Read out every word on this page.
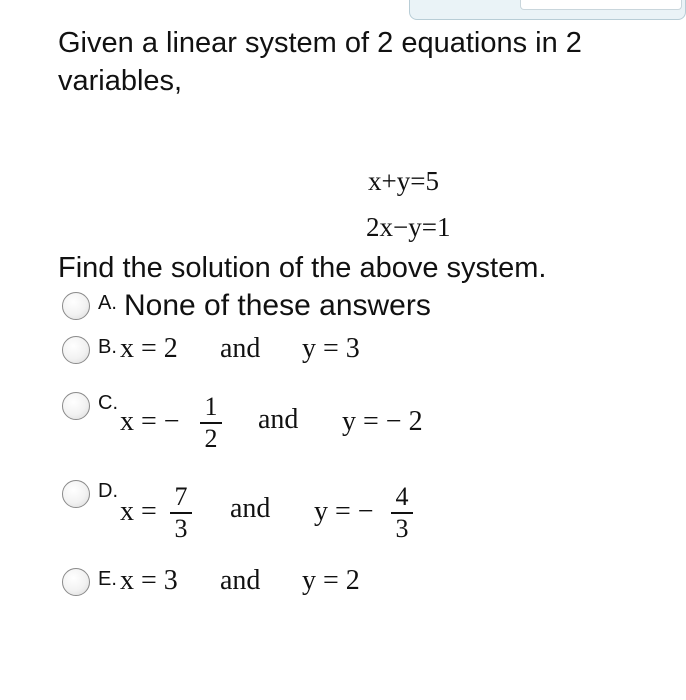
Given a linear system of 2 equations in 2 variables,
x+y=5
2x−y=1
Find the solution of the above system.
A. None of these answers
B. x = 2 and y = 3
C.
x = − 1
2
and y = − 2
D.
x = 7
3
and y = − 4
3
E. x = 3 and y = 2
